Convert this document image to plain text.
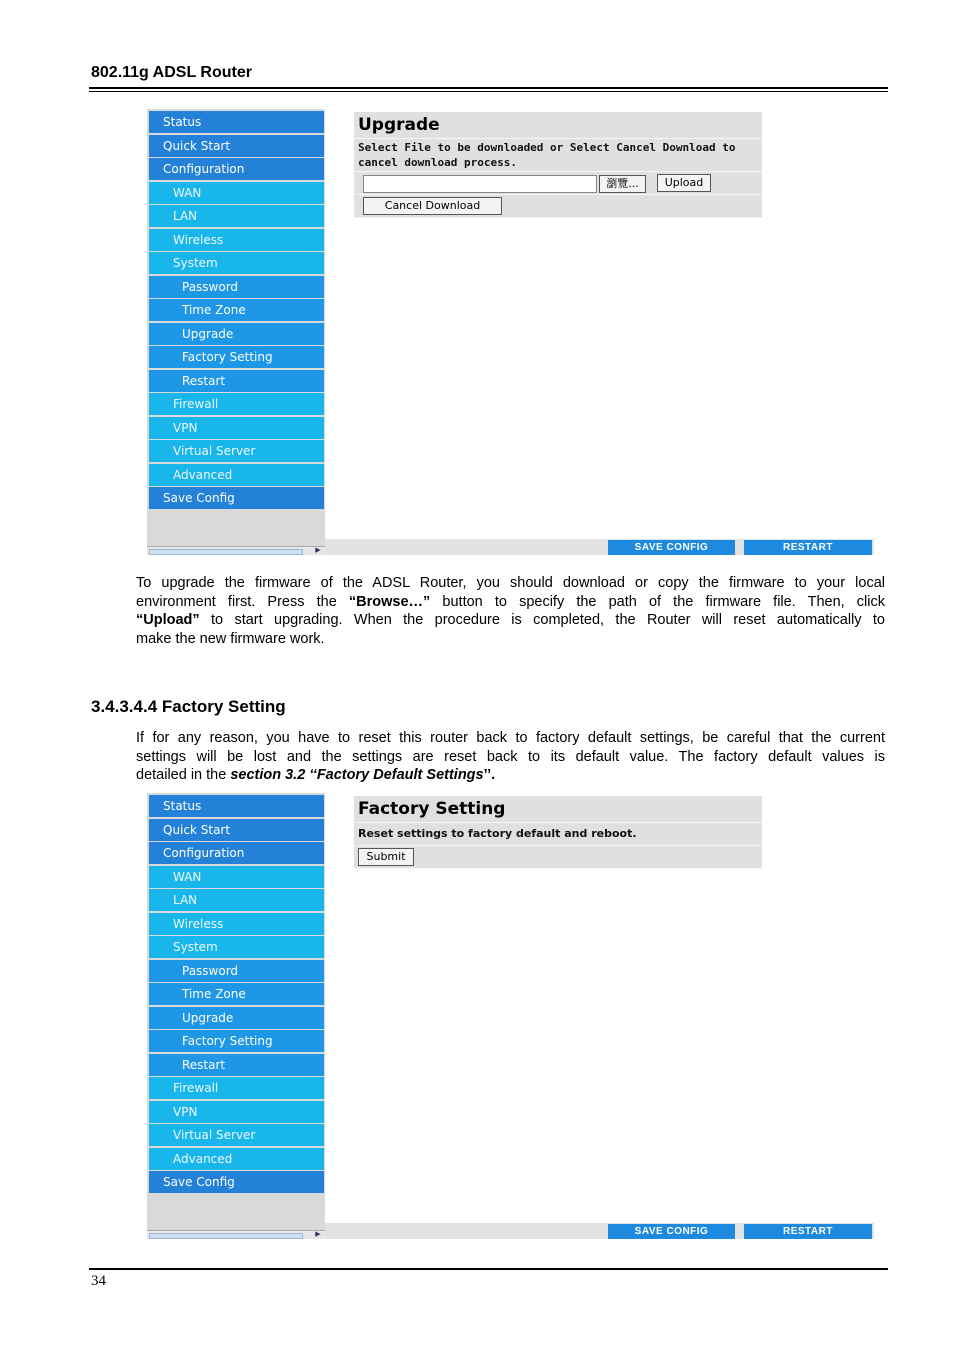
802.11g ADSL Router
Status
Quick Start
Configuration
WAN
LAN
Wireless
System
Password
Time Zone
Upgrade
Factory Setting
Restart
Firewall
VPN
Virtual Server
Advanced
Save Config
▶
Upgrade
Select File to be downloaded or Select Cancel Download to
cancel download process.
瀏覽...	Upload
Cancel Download
SAVE CONFIG	RESTART
To upgrade the firmware of the ADSL Router, you should download or copy the firmware to your local
environment first. Press the “Browse…” button to specify the path of the firmware file. Then, click
“Upload” to start upgrading. When the procedure is completed, the Router will reset automatically to
make the new firmware work.
3.4.3.4.4 Factory Setting
If for any reason, you have to reset this router back to factory default settings, be careful that the current
settings will be lost and the settings are reset back to its default value. The factory default values is
detailed in the section 3.2 ‘‘Factory Default Settings’’.
Status
Quick Start
Configuration
WAN
LAN
Wireless
System
Password
Time Zone
Upgrade
Factory Setting
Restart
Firewall
VPN
Virtual Server
Advanced
Save Config
▶
Factory Setting
Reset settings to factory default and reboot.
Submit
SAVE CONFIG	RESTART
34
